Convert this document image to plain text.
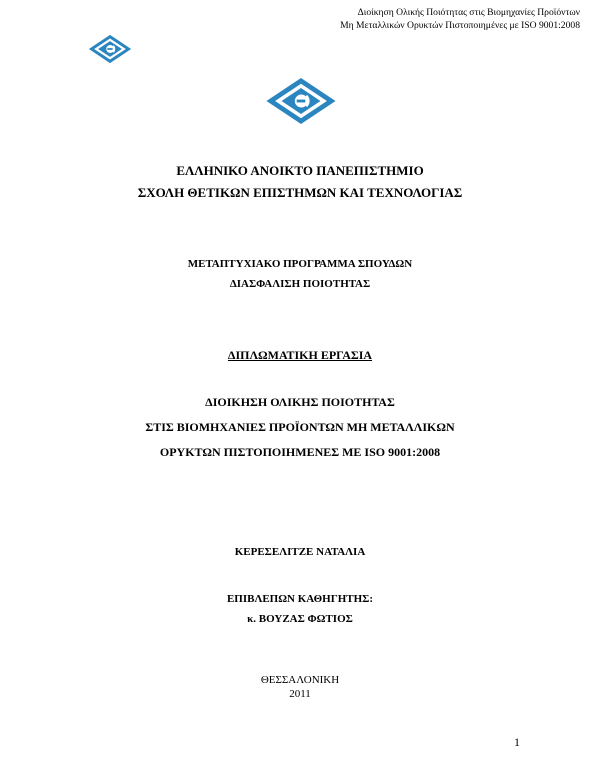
Διοίκηση Ολικής Ποιότητας στις Βιομηχανίες Προϊόντων
Μη Μεταλλικών Ορυκτών Πιστοποιημένες με ISO 9001:2008
ΕΛΛΗΝΙΚΟ ΑΝΟΙΚΤΟ ΠΑΝΕΠΙΣΤΗΜΙΟ
ΣΧΟΛΗ ΘΕΤΙΚΩΝ ΕΠΙΣΤΗΜΩΝ ΚΑΙ ΤΕΧΝΟΛΟΓΙΑΣ
ΜΕΤΑΠΤΥΧΙΑΚΟ ΠΡΟΓΡΑΜΜΑ ΣΠΟΥΔΩΝ
ΔΙΑΣΦΑΛΙΣΗ ΠΟΙΟΤΗΤΑΣ
ΔΙΠΛΩΜΑΤΙΚΗ ΕΡΓΑΣΙΑ
ΔΙΟΙΚΗΣΗ ΟΛΙΚΗΣ ΠΟΙΟΤΗΤΑΣ
ΣΤΙΣ ΒΙΟΜΗΧΑΝΙΕΣ ΠΡΟΪΟΝΤΩΝ ΜΗ ΜΕΤΑΛΛΙΚΩΝ
ΟΡΥΚΤΩΝ ΠΙΣΤΟΠΟΙΗΜΕΝΕΣ ΜΕ ISO 9001:2008
ΚΕΡΕΣΕΛΙΤΖΕ ΝΑΤΑΛΙΑ
ΕΠΙΒΛΕΠΩΝ ΚΑΘΗΓΗΤΗΣ:
κ. ΒΟΥΖΑΣ ΦΩΤΙΟΣ
ΘΕΣΣΑΛΟΝΙΚΗ
2011
1
